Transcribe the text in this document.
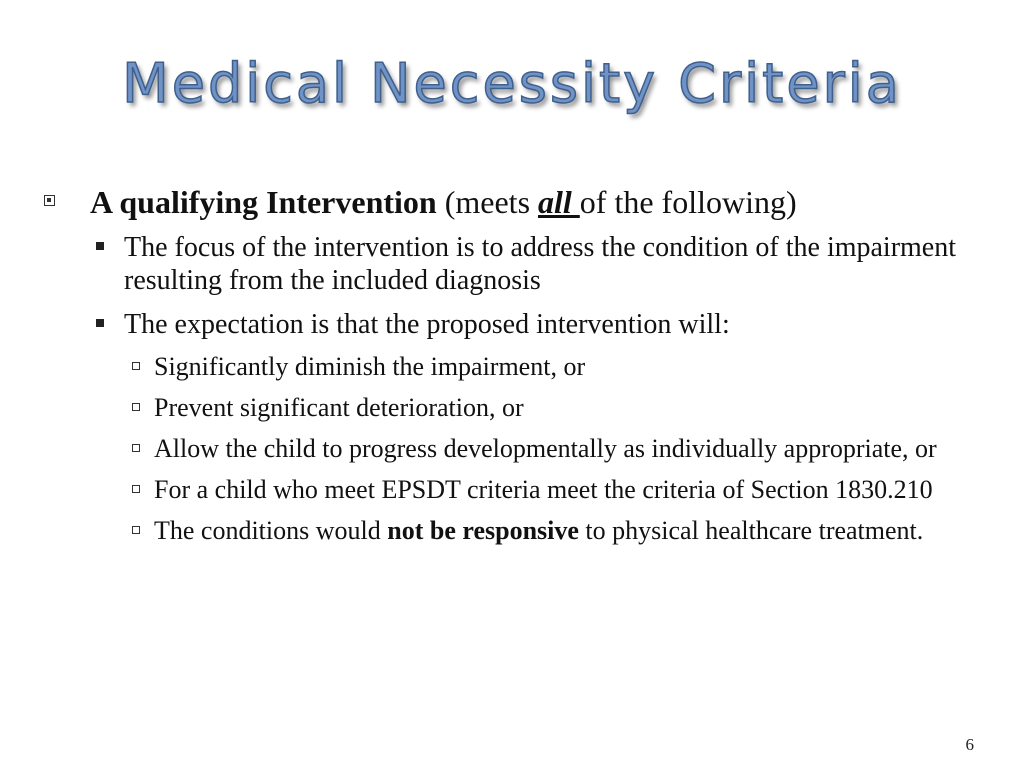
Medical Necessity Criteria
A qualifying Intervention (meets all of the following)
The focus of the intervention is to address the condition of the impairment resulting from the included diagnosis
The expectation is that the proposed intervention will:
Significantly diminish the impairment, or
Prevent significant deterioration, or
Allow the child to progress developmentally as individually appropriate, or
For a child who meet EPSDT criteria meet the criteria of Section 1830.210
The conditions would not be responsive to physical healthcare treatment.
6
